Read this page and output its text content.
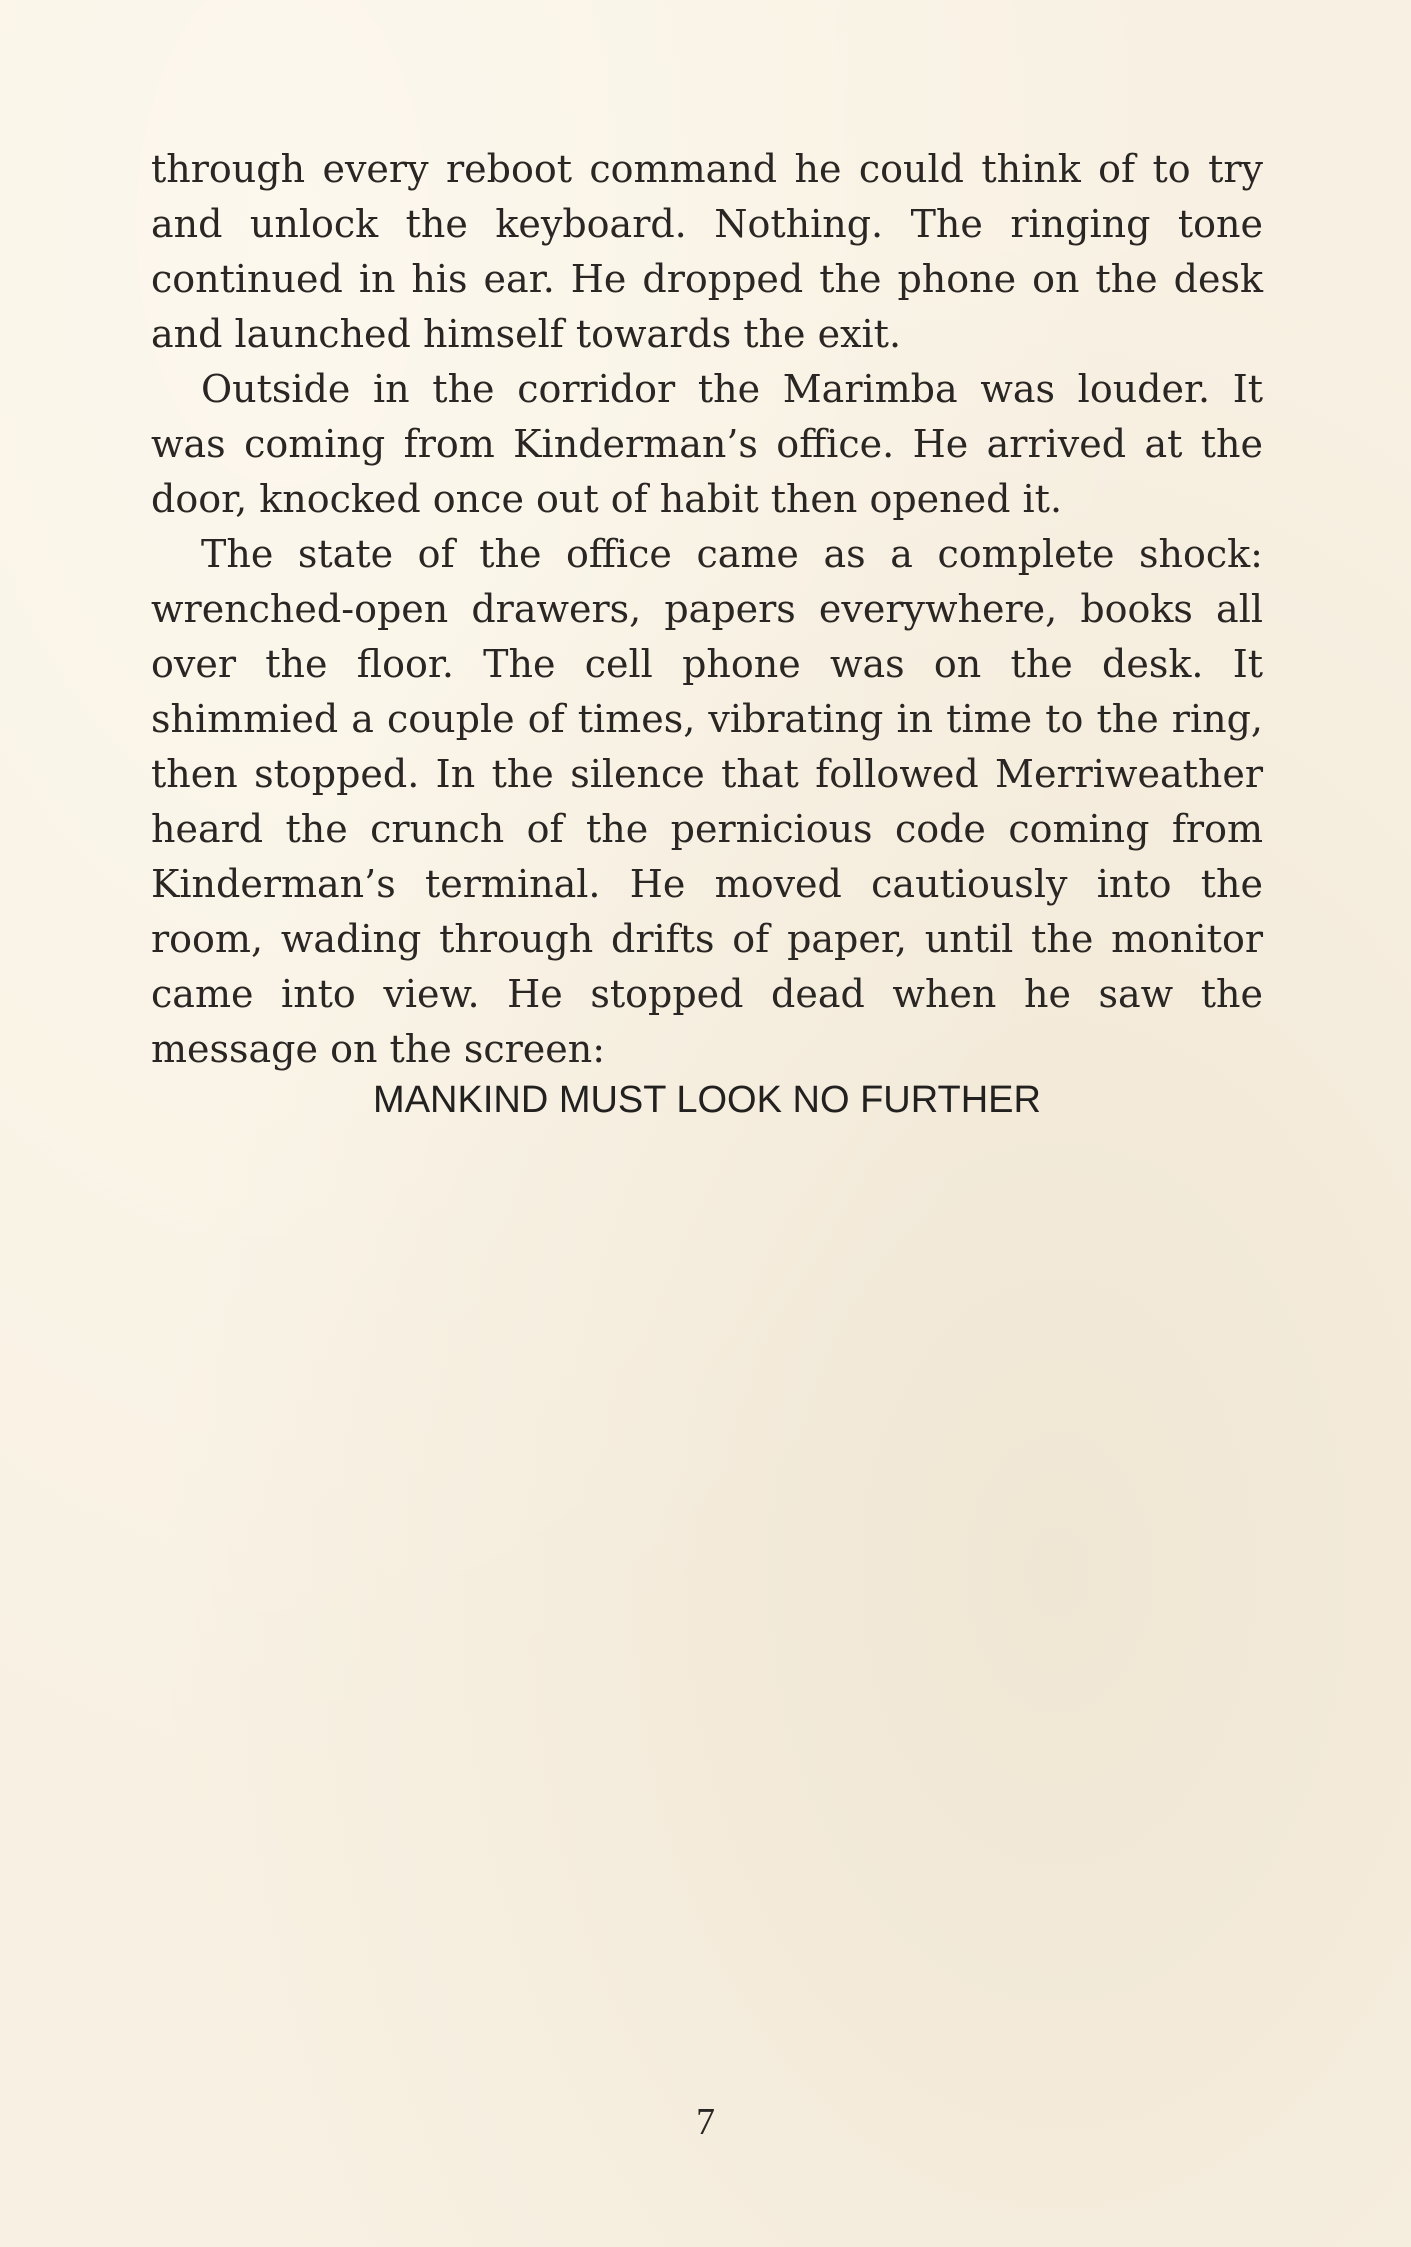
through every reboot command he could think of to try and unlock the keyboard. Nothing. The ringing tone continued in his ear. He dropped the phone on the desk and launched himself towards the exit.

Outside in the corridor the Marimba was louder. It was coming from Kinderman’s office. He arrived at the door, knocked once out of habit then opened it.

The state of the office came as a complete shock: wrenched-open drawers, papers everywhere, books all over the floor. The cell phone was on the desk. It shimmied a couple of times, vibrating in time to the ring, then stopped. In the silence that followed Merriweather heard the crunch of the pernicious code coming from Kinderman’s terminal. He moved cautiously into the room, wading through drifts of paper, until the monitor came into view. He stopped dead when he saw the message on the screen:

MANKIND MUST LOOK NO FURTHER
7
